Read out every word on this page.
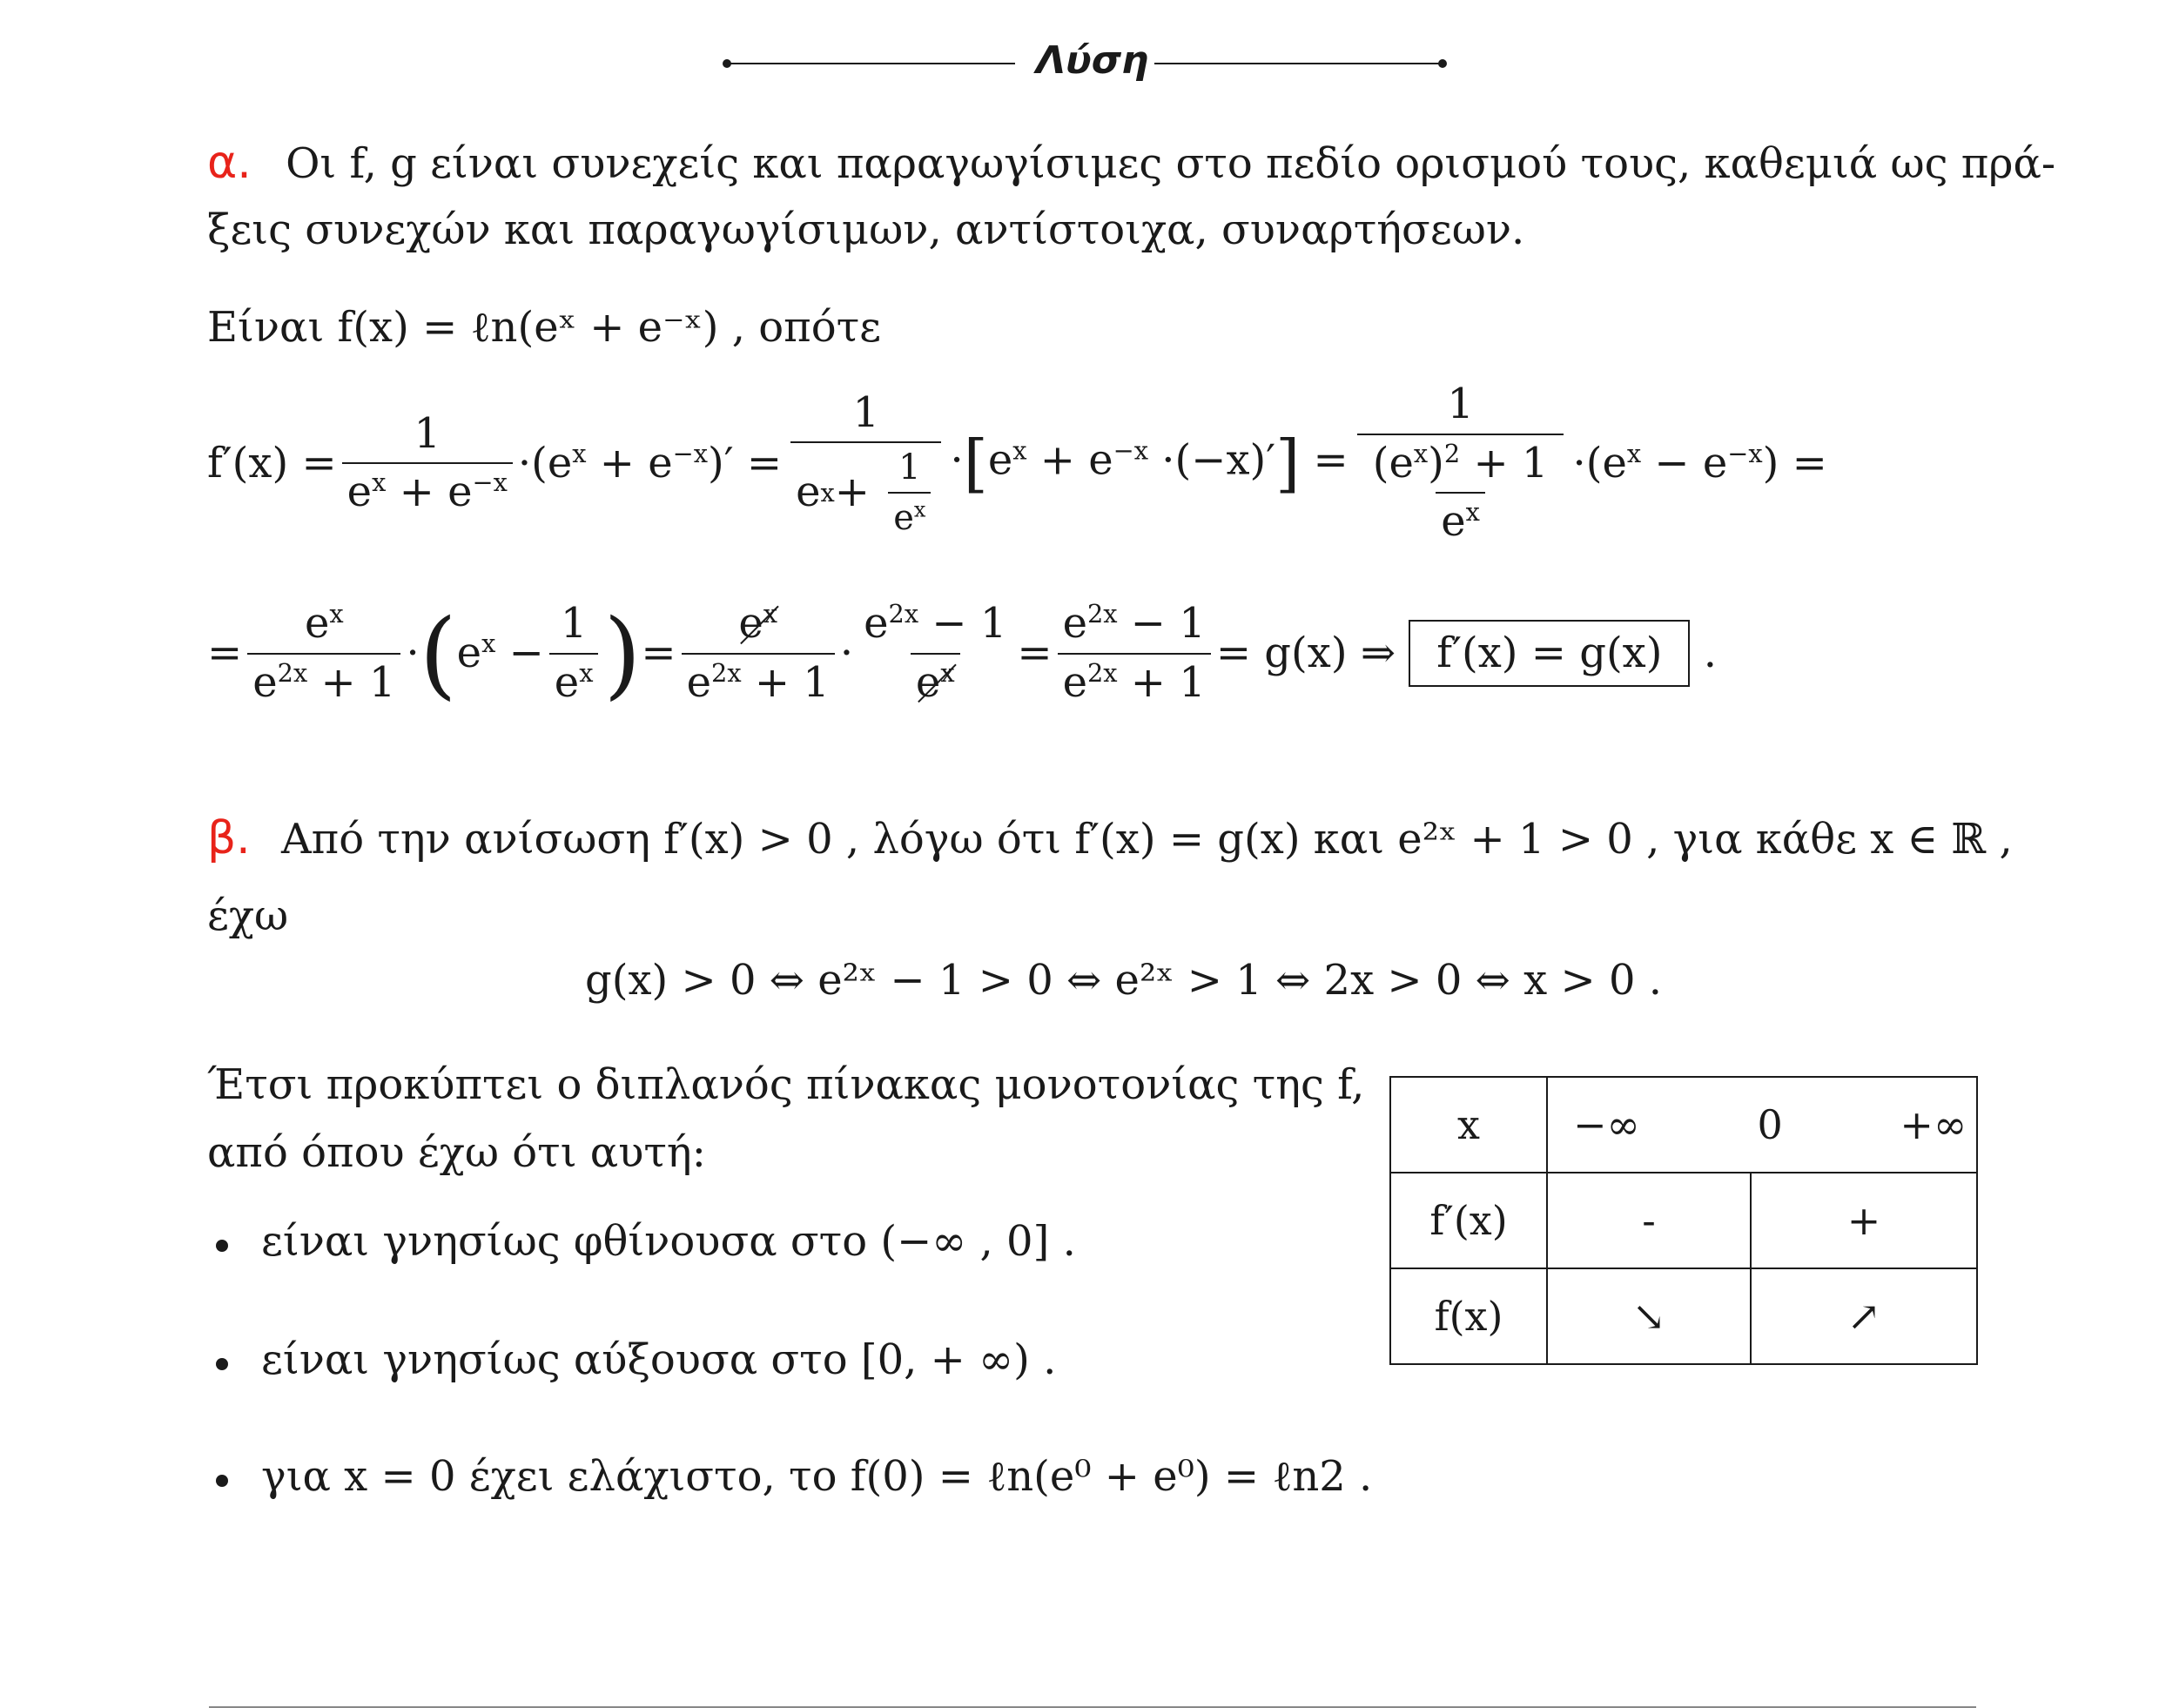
Λύση
α. Οι f, g είναι συνεχείς και παραγωγίσιμες στο πεδίο ορισμού τους, καθεμιά ως πρά-
ξεις συνεχών και παραγωγίσιμων, αντίστοιχα, συναρτήσεων.
Είναι f(x) = ℓn(eˣ + e⁻ˣ) , οπότε
$f'(x) = \frac{1}{e^x + e^{-x}} \cdot(e^x + e^{-x})' = \frac{1}{e x + \frac{1}{e^x}} \cdot[e^x + e^{-x} \cdot(-x)'] = \frac{1}{\frac{(e^x)^2 + 1}{e^x}} \cdot(e^x - e^{-x})$ =
= $\frac{e^x}{e^{2x} + 1}$ · ( $e^x - \frac{1}{e^x}$ ) = $\frac{e^x}{e^{2x} + 1} \cdot \frac{e^{2x} - 1}{e^x} = \frac{e^{2x} - 1}{e^{2x} + 1} = g(x)$ ⇒ f′(x) = g(x) .
β. Από την ανίσωση f′(x) > 0 , λόγω ότι f′(x) = g(x) και e²ˣ + 1 > 0 , για κάθε x ∈ ℝ ,
έχω
g(x) > 0 ⇔ e²ˣ − 1 > 0 ⇔ e²ˣ > 1 ⇔ 2x > 0 ⇔ x > 0 .
Έτσι προκύπτει ο διπλανός πίνακας μονοτονίας της f,
από όπου έχω ότι αυτή:
είναι γνησίως φθίνουσα στο (−∞ , 0] .
είναι γνησίως αύξουσα στο [0, + ∞) .
για x = 0 έχει ελάχιστο, το f(0) = ℓn(e⁰ + e⁰) = ℓn2 .
x	−∞ 0 +∞	
f′(x)	-	+
f(x)	↘	↗
